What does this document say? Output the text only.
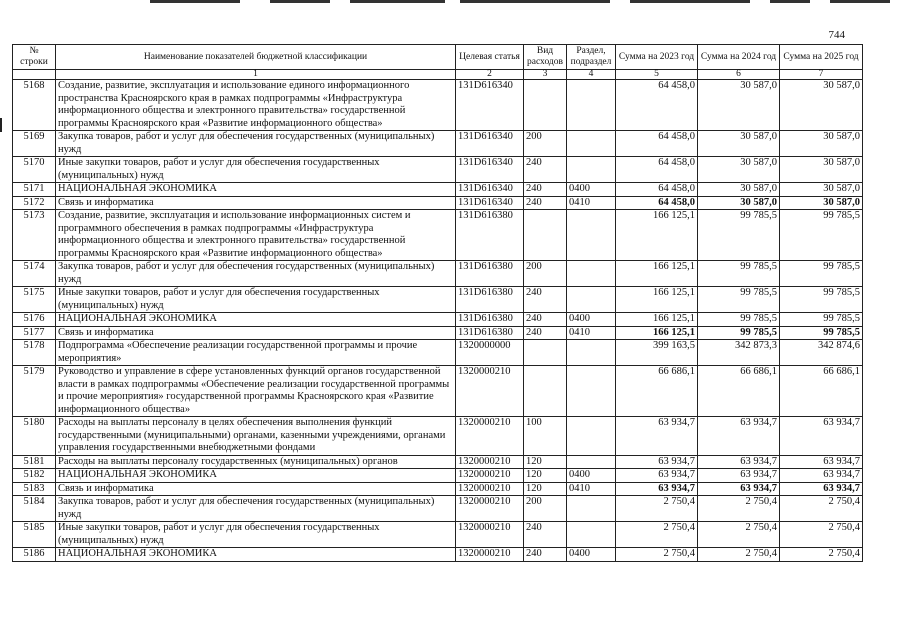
744
№ строки	Наименование показателей бюджетной классификации	Целевая статья	Вид расходов	Раздел, подраздел	Сумма на 2023 год	Сумма на 2024 год	Сумма на 2025 год
	1	2	3	4	5	6	7
5168	Создание, развитие, эксплуатация и использование единого информационного пространства Красноярского края в рамках подпрограммы «Инфраструктура информационного общества и электронного правительства» государственной программы Красноярского края «Развитие информационного общества»	131D616340			64 458,0	30 587,0	30 587,0
5169	Закупка товаров, работ и услуг для обеспечения государственных (муниципальных) нужд	131D616340	200		64 458,0	30 587,0	30 587,0
5170	Иные закупки товаров, работ и услуг для обеспечения государственных (муниципальных) нужд	131D616340	240		64 458,0	30 587,0	30 587,0
5171	НАЦИОНАЛЬНАЯ ЭКОНОМИКА	131D616340	240	0400	64 458,0	30 587,0	30 587,0
5172	Связь и информатика	131D616340	240	0410	64 458,0	30 587,0	30 587,0
5173	Создание, развитие, эксплуатация и использование информационных систем и программного обеспечения в рамках подпрограммы «Инфраструктура информационного общества и электронного правительства» государственной программы Красноярского края «Развитие информационного общества»	131D616380			166 125,1	99 785,5	99 785,5
5174	Закупка товаров, работ и услуг для обеспечения государственных (муниципальных) нужд	131D616380	200		166 125,1	99 785,5	99 785,5
5175	Иные закупки товаров, работ и услуг для обеспечения государственных (муниципальных) нужд	131D616380	240		166 125,1	99 785,5	99 785,5
5176	НАЦИОНАЛЬНАЯ ЭКОНОМИКА	131D616380	240	0400	166 125,1	99 785,5	99 785,5
5177	Связь и информатика	131D616380	240	0410	166 125,1	99 785,5	99 785,5
5178	Подпрограмма «Обеспечение реализации государственной программы и прочие мероприятия»	1320000000			399 163,5	342 873,3	342 874,6
5179	Руководство и управление в сфере установленных функций органов государственной власти в рамках подпрограммы «Обеспечение реализации государственной программы и прочие мероприятия» государственной программы Красноярского края «Развитие информационного общества»	1320000210			66 686,1	66 686,1	66 686,1
5180	Расходы на выплаты персоналу в целях обеспечения выполнения функций государственными (муниципальными) органами, казенными учреждениями, органами управления государственными внебюджетными фондами	1320000210	100		63 934,7	63 934,7	63 934,7
5181	Расходы на выплаты персоналу государственных (муниципальных) органов	1320000210	120		63 934,7	63 934,7	63 934,7
5182	НАЦИОНАЛЬНАЯ ЭКОНОМИКА	1320000210	120	0400	63 934,7	63 934,7	63 934,7
5183	Связь и информатика	1320000210	120	0410	63 934,7	63 934,7	63 934,7
5184	Закупка товаров, работ и услуг для обеспечения государственных (муниципальных) нужд	1320000210	200		2 750,4	2 750,4	2 750,4
5185	Иные закупки товаров, работ и услуг для обеспечения государственных (муниципальных) нужд	1320000210	240		2 750,4	2 750,4	2 750,4
5186	НАЦИОНАЛЬНАЯ ЭКОНОМИКА	1320000210	240	0400	2 750,4	2 750,4	2 750,4
